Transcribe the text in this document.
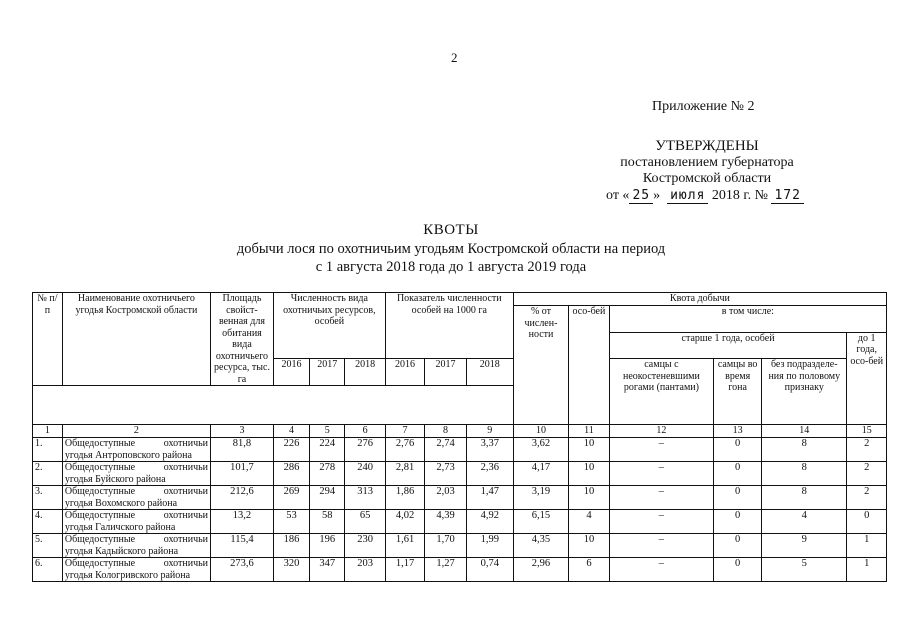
2
Приложение № 2
УТВЕРЖДЕНЫ
постановлением губернатора
Костромской области
от « 25 » июля 2018 г. № 172
КВОТЫ
добычи лося по охотничьим угодьям Костромской области на период
с 1 августа 2018 года до 1 августа 2019 года
№ п/п	Наименование охотничьего угодья Костромской области	Площадь свойст-венная для обитания вида охотничьего ресурса, тыс. га	Численность вида охотничьих ресурсов, особей			Показатель численности особей на 1000 га			Квота добычи					
									% от числен-ности	осо-бей	в том числе:			
											старше 1 года, особей			до 1 года, осо-бей
			2016	2017	2018	2016	2017	2018			самцы с неокостеневшими рогами (пантами)	самцы во время гона	без подразделе-ния по половому признаку	

1	2	3	4	5	6	7	8	9	10	11	12	13	14	15
1.	Общедоступные охотничьи угодья Антроповского района	81,8	226	224	276	2,76	2,74	3,37	3,62	10	–	0	8	2
2.	Общедоступные охотничьи угодья Буйского района	101,7	286	278	240	2,81	2,73	2,36	4,17	10	–	0	8	2
3.	Общедоступные охотничьи угодья Вохомского района	212,6	269	294	313	1,86	2,03	1,47	3,19	10	–	0	8	2
4.	Общедоступные охотничьи угодья Галичского района	13,2	53	58	65	4,02	4,39	4,92	6,15	4	–	0	4	0
5.	Общедоступные охотничьи угодья Кадыйского района	115,4	186	196	230	1,61	1,70	1,99	4,35	10	–	0	9	1
6.	Общедоступные охотничьи угодья Кологривского района	273,6	320	347	203	1,17	1,27	0,74	2,96	6	–	0	5	1
